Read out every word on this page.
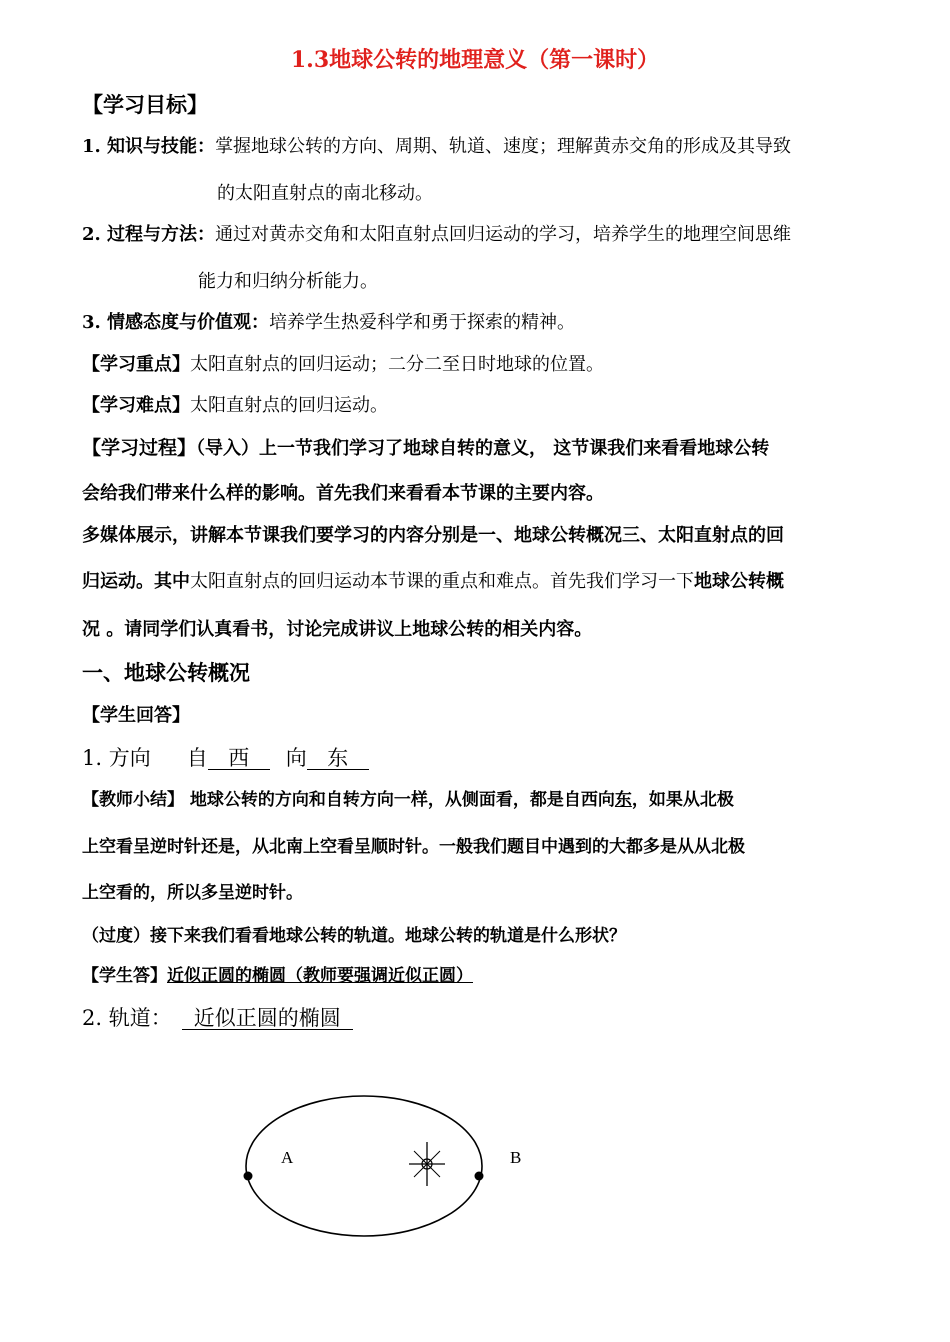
1.3地球公转的地理意义（第一课时）
【学习目标】
1. 知识与技能：掌握地球公转的方向、周期、轨道、速度；理解黄赤交角的形成及其导致
的太阳直射点的南北移动。
2. 过程与方法：通过对黄赤交角和太阳直射点回归运动的学习，培养学生的地理空间思维
能力和归纳分析能力。
3. 情感态度与价值观：培养学生热爱科学和勇于探索的精神。
【学习重点】太阳直射点的回归运动；二分二至日时地球的位置。
【学习难点】太阳直射点的回归运动。
【学习过程】（导入）上一节我们学习了地球自转的意义， 这节课我们来看看地球公转
会给我们带来什么样的影响。首先我们来看看本节课的主要内容。
多媒体展示，讲解本节课我们要学习的内容分别是一、地球公转概况三、太阳直射点的回
归运动。其中太阳直射点的回归运动本节课的重点和难点。首先我们学习一下地球公转概
况 。请同学们认真看书，讨论完成讲议上地球公转的相关内容。
一、地球公转概况
【学生回答】
1. 方向 自 西 向 东
【教师小结】 地球公转的方向和自转方向一样，从侧面看，都是自西向东，如果从北极
上空看呈逆时针还是，从北南上空看呈顺时针。一般我们题目中遇到的大都多是从从北极
上空看的，所以多呈逆时针。
（过度）接下来我们看看地球公转的轨道。地球公转的轨道是什么形状？
【学生答】近似正圆的椭圆（教师要强调近似正圆）
2. 轨道： 近似正圆的椭圆
A	B
